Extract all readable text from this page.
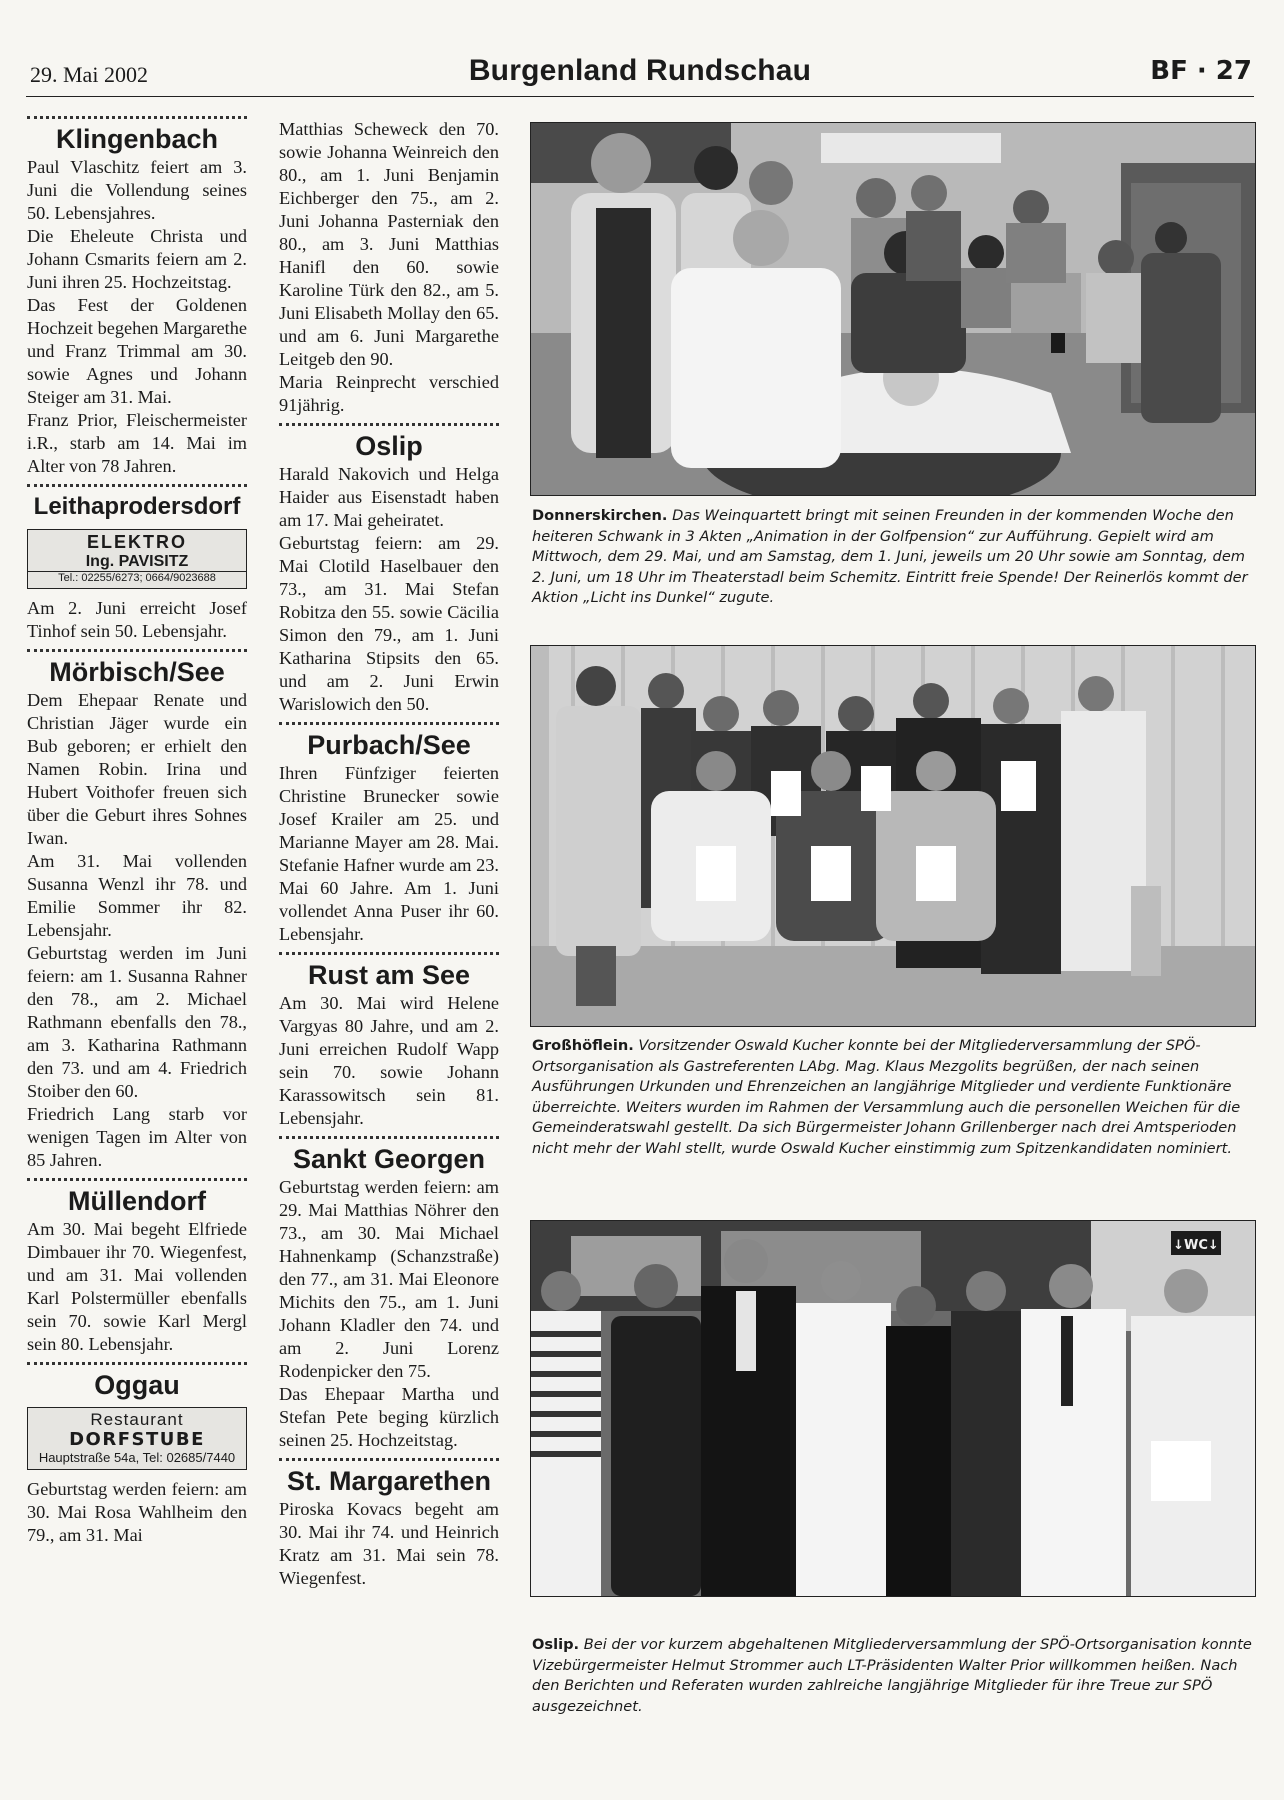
29. Mai 2002	Burgenland Rundschau	BF · 27
Klingenbach

Paul Vlaschitz feiert am 3. Juni die Vollendung seines 50. Lebensjahres.

Die Eheleute Christa und Johann Csmarits feiern am 2. Juni ihren 25. Hochzeitstag.

Das Fest der Goldenen Hochzeit begehen Margarethe und Franz Trimmal am 30. sowie Agnes und Johann Steiger am 31. Mai.

Franz Prior, Fleischermeister i.R., starb am 14. Mai im Alter von 78 Jahren.

Leithaprodersdorf
ELEKTRO
Ing. PAVISITZ
Tel.: 02255/6273; 0664/9023688

Am 2. Juni erreicht Josef Tinhof sein 50. Lebensjahr.

Mörbisch/See

Dem Ehepaar Renate und Christian Jäger wurde ein Bub geboren; er erhielt den Namen Robin. Irina und Hubert Voithofer freuen sich über die Geburt ihres Sohnes Iwan.

Am 31. Mai vollenden Susanna Wenzl ihr 78. und Emilie Sommer ihr 82. Lebensjahr.

Geburtstag werden im Juni feiern: am 1. Susanna Rahner den 78., am 2. Michael Rathmann ebenfalls den 78., am 3. Katharina Rathmann den 73. und am 4. Friedrich Stoiber den 60.

Friedrich Lang starb vor wenigen Tagen im Alter von 85 Jahren.

Müllendorf

Am 30. Mai begeht Elfriede Dimbauer ihr 70. Wiegenfest, und am 31. Mai vollenden Karl Polstermüller ebenfalls sein 70. sowie Karl Mergl sein 80. Lebensjahr.

Oggau
Restaurant
DORFSTUBE
Hauptstraße 54a, Tel: 02685/7440

Geburtstag werden feiern: am 30. Mai Rosa Wahlheim den 79., am 31. Mai

Matthias Scheweck den 70. sowie Johanna Weinreich den 80., am 1. Juni Benjamin Eichberger den 75., am 2. Juni Johanna Pasterniak den 80., am 3. Juni Matthias Hanifl den 60. sowie Karoline Türk den 82., am 5. Juni Elisabeth Mollay den 65. und am 6. Juni Margarethe Leitgeb den 90.

Maria Reinprecht verschied 91jährig.

Oslip

Harald Nakovich und Helga Haider aus Eisenstadt haben am 17. Mai geheiratet.

Geburtstag feiern: am 29. Mai Clotild Haselbauer den 73., am 31. Mai Stefan Robitza den 55. sowie Cäcilia Simon den 79., am 1. Juni Katharina Stipsits den 65. und am 2. Juni Erwin Warislowich den 50.

Purbach/See

Ihren Fünfziger feierten Christine Brunecker sowie Josef Krailer am 25. und Marianne Mayer am 28. Mai. Stefanie Hafner wurde am 23. Mai 60 Jahre. Am 1. Juni vollendet Anna Puser ihr 60. Lebensjahr.

Rust am See

Am 30. Mai wird Helene Vargyas 80 Jahre, und am 2. Juni erreichen Rudolf Wapp sein 70. sowie Johann Karassowitsch sein 81. Lebensjahr.

Sankt Georgen

Geburtstag werden feiern: am 29. Mai Matthias Nöhrer den 73., am 30. Mai Michael Hahnenkamp (Schanzstraße) den 77., am 31. Mai Eleonore Michits den 75., am 1. Juni Johann Kladler den 74. und am 2. Juni Lorenz Rodenpicker den 75.

Das Ehepaar Martha und Stefan Pete beging kürzlich seinen 25. Hochzeitstag.

St. Margarethen

Piroska Kovacs begeht am 30. Mai ihr 74. und Heinrich Kratz am 31. Mai sein 78. Wiegenfest.

Donnerskirchen. Das Weinquartett bringt mit seinen Freunden in der kommenden Woche den heiteren Schwank in 3 Akten „Animation in der Golfpension“ zur Aufführung. Gepielt wird am Mittwoch, dem 29. Mai, und am Samstag, dem 1. Juni, jeweils um 20 Uhr sowie am Sonntag, dem 2. Juni, um 18 Uhr im Theaterstadl beim Schemitz. Eintritt freie Spende! Der Reinerlös kommt der Aktion „Licht ins Dunkel“ zugute.
Großhöflein. Vorsitzender Oswald Kucher konnte bei der Mitgliederversammlung der SPÖ-Ortsorganisation als Gastreferenten LAbg. Mag. Klaus Mezgolits begrüßen, der nach seinen Ausführungen Urkunden und Ehrenzeichen an langjährige Mitglieder und verdiente Funktionäre überreichte. Weiters wurden im Rahmen der Versammlung auch die personellen Weichen für die Gemeinderatswahl gestellt. Da sich Bürgermeister Johann Grillenberger nach drei Amtsperioden nicht mehr der Wahl stellt, wurde Oswald Kucher einstimmig zum Spitzenkandidaten nominiert.
↓WC↓
Oslip. Bei der vor kurzem abgehaltenen Mitgliederversammlung der SPÖ-Ortsorganisation konnte Vizebürgermeister Helmut Strommer auch LT-Präsidenten Walter Prior willkommen heißen. Nach den Berichten und Referaten wurden zahlreiche langjährige Mitglieder für ihre Treue zur SPÖ ausgezeichnet.
